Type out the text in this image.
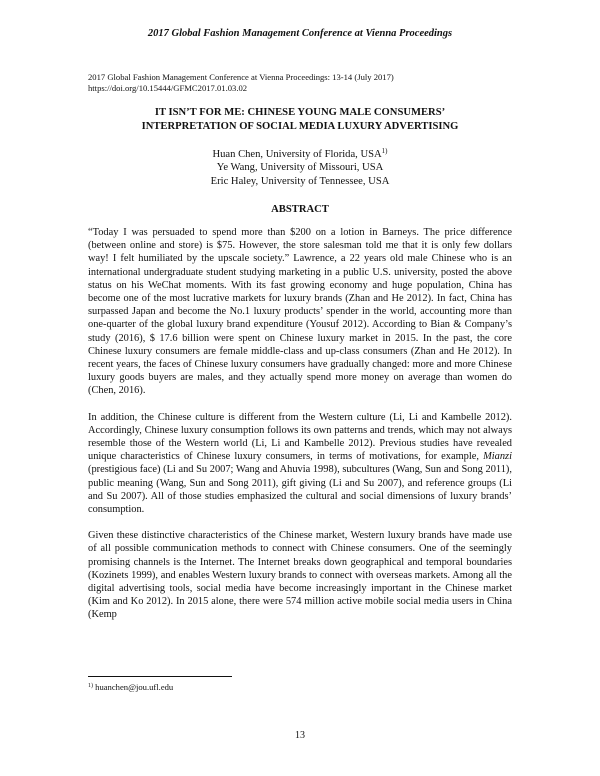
2017 Global Fashion Management Conference at Vienna Proceedings
2017 Global Fashion Management Conference at Vienna Proceedings: 13-14 (July 2017)
https://doi.org/10.15444/GFMC2017.01.03.02
IT ISN’T FOR ME: CHINESE YOUNG MALE CONSUMERS’
INTERPRETATION OF SOCIAL MEDIA LUXURY ADVERTISING
Huan Chen, University of Florida, USA$^{1)}$
Ye Wang, University of Missouri, USA
Eric Haley, University of Tennessee, USA
ABSTRACT

“Today I was persuaded to spend more than $200 on a lotion in Barneys. The price difference (between online and store) is $75. However, the store salesman told me that it is only few dollars way! I felt humiliated by the upscale society.” Lawrence, a 22 years old male Chinese who is an international undergraduate student studying marketing in a public U.S. university, posted the above status on his WeChat moments. With its fast growing economy and huge population, China has become one of the most lucrative markets for luxury brands (Zhan and He 2012). In fact, China has surpassed Japan and become the No.1 luxury products’ spender in the world, accounting more than one-quarter of the global luxury brand expenditure (Yousuf 2012). According to Bian & Company’s study (2016), $ 17.6 billion were spent on Chinese luxury market in 2015. In the past, the core Chinese luxury consumers are female middle-class and up-class consumers (Zhan and He 2012). In recent years, the faces of Chinese luxury consumers have gradually changed: more and more Chinese luxury goods buyers are males, and they actually spend more money on average than women do (Chen, 2016).

In addition, the Chinese culture is different from the Western culture (Li, Li and Kambelle 2012). Accordingly, Chinese luxury consumption follows its own patterns and trends, which may not always resemble those of the Western world (Li, Li and Kambelle 2012). Previous studies have revealed unique characteristics of Chinese luxury consumers, in terms of motivations, for example, Mianzi (prestigious face) (Li and Su 2007; Wang and Ahuvia 1998), subcultures (Wang, Sun and Song 2011), public meaning (Wang, Sun and Song 2011), gift giving (Li and Su 2007), and reference groups (Li and Su 2007). All of those studies emphasized the cultural and social dimensions of luxury brands’ consumption.

Given these distinctive characteristics of the Chinese market, Western luxury brands have made use of all possible communication methods to connect with Chinese consumers. One of the seemingly promising channels is the Internet. The Internet breaks down geographical and temporal boundaries (Kozinets 1999), and enables Western luxury brands to connect with overseas markets. Among all the digital advertising tools, social media have become increasingly important in the Chinese market (Kim and Ko 2012). In 2015 alone, there were 574 million active mobile social media users in China (Kemp

$^{1)}$ huanchen@jou.ufl.edu
13
